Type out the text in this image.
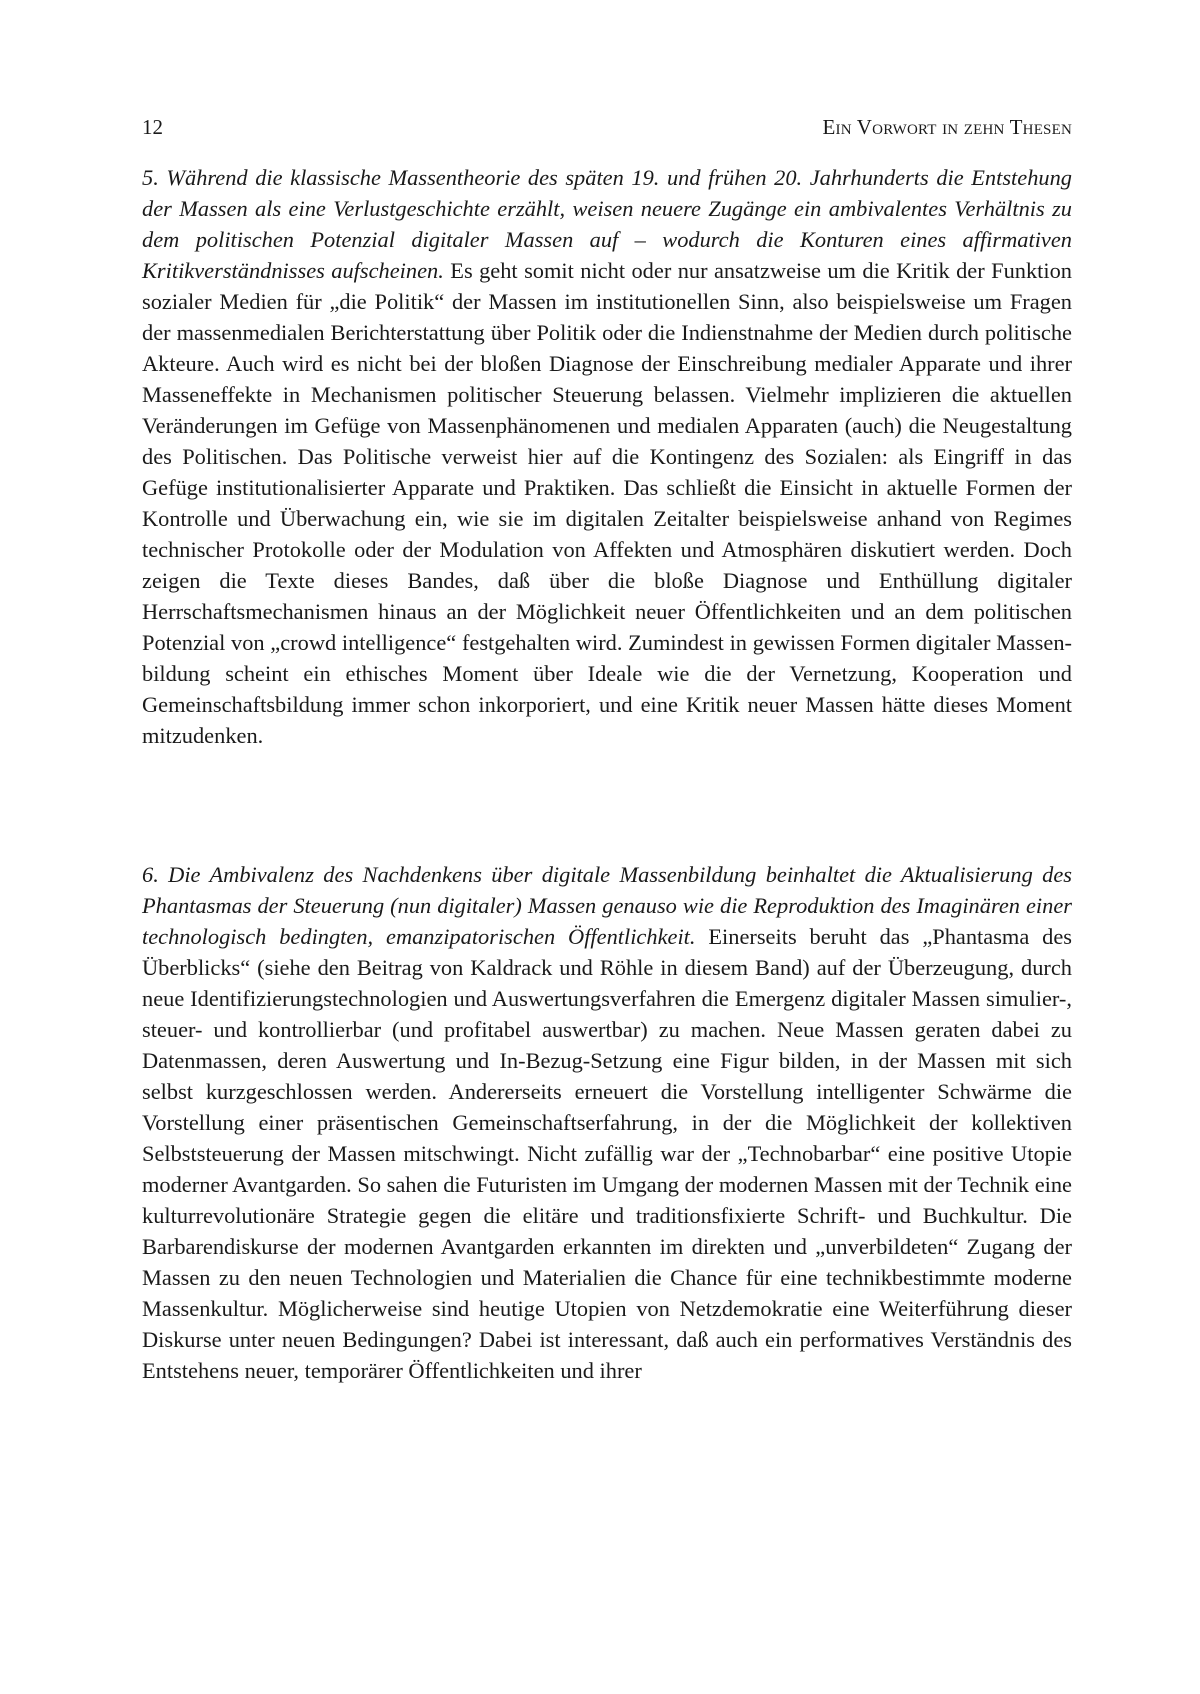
12	Ein Vorwort in zehn Thesen

5. Während die klassische Massentheorie des späten 19. und frühen 20. Jahrhunderts die Entstehung der Massen als eine Verlustgeschichte erzählt, weisen neuere Zugänge ein ambivalentes Verhältnis zu dem politischen Potenzial digitaler Massen auf – wodurch die Konturen eines affirmativen Kritikverständnisses aufscheinen. Es geht somit nicht oder nur ansatzweise um die Kritik der Funktion sozialer Medien für „die Politik“ der Massen im institutionellen Sinn, also beispielsweise um Fragen der massenmedialen Berichterstattung über Politik oder die Indienstnahme der Medien durch politische Akteure. Auch wird es nicht bei der bloßen Diagnose der Einschreibung medialer Apparate und ihrer Masseneffekte in Mechanismen politischer Steuerung belassen. Vielmehr implizieren die aktuellen Veränderungen im Gefüge von Massenphänomenen und medialen Apparaten (auch) die Neugestaltung des Politischen. Das Politische verweist hier auf die Kontingenz des Sozialen: als Eingriff in das Gefüge institutionalisierter Apparate und Praktiken. Das schließt die Einsicht in aktuelle Formen der Kontrolle und Überwachung ein, wie sie im digitalen Zeitalter beispielsweise anhand von Regimes technischer Protokolle oder der Modulation von Affekten und Atmosphären diskutiert werden. Doch zeigen die Texte dieses Bandes, daß über die bloße Diagnose und Enthüllung digitaler Herrschaftsmechanismen hinaus an der Möglichkeit neuer Öffentlichkeiten und an dem politischen Potenzial von „crowd intelligence“ festgehalten wird. Zumindest in gewissen Formen digitaler Massenbildung scheint ein ethisches Moment über Ideale wie die der Vernetzung, Kooperation und Gemeinschaftsbildung immer schon inkorporiert, und eine Kritik neuer Massen hätte dieses Moment mitzudenken.

6. Die Ambivalenz des Nachdenkens über digitale Massenbildung beinhaltet die Aktualisierung des Phantasmas der Steuerung (nun digitaler) Massen genauso wie die Reproduktion des Imaginären einer technologisch bedingten, emanzipatorischen Öffentlichkeit. Einerseits beruht das „Phantasma des Überblicks“ (siehe den Beitrag von Kaldrack und Röhle in diesem Band) auf der Überzeugung, durch neue Identifizierungstechnologien und Auswertungsverfahren die Emergenz digitaler Massen simulier-, steuer- und kontrollierbar (und profitabel auswertbar) zu machen. Neue Massen geraten dabei zu Datenmassen, deren Auswertung und In-Bezug-Setzung eine Figur bilden, in der Massen mit sich selbst kurzgeschlossen werden. Andererseits erneuert die Vorstellung intelligenter Schwärme die Vorstellung einer präsentischen Gemeinschaftserfahrung, in der die Möglichkeit der kollektiven Selbststeuerung der Massen mitschwingt. Nicht zufällig war der „Technobarbar“ eine positive Utopie moderner Avantgarden. So sahen die Futuristen im Umgang der modernen Massen mit der Technik eine kulturrevolutionäre Strategie gegen die elitäre und traditionsfixierte Schrift- und Buchkultur. Die Barbarendiskurse der modernen Avantgarden erkannten im direkten und „unverbildeten“ Zugang der Massen zu den neuen Technologien und Materialien die Chance für eine technikbestimmte moderne Massenkultur. Möglicherweise sind heutige Utopien von Netzdemokratie eine Weiterführung dieser Diskurse unter neuen Bedingungen? Dabei ist interessant, daß auch ein performatives Verständnis des Entstehens neuer, temporärer Öffentlichkeiten und ihrer
